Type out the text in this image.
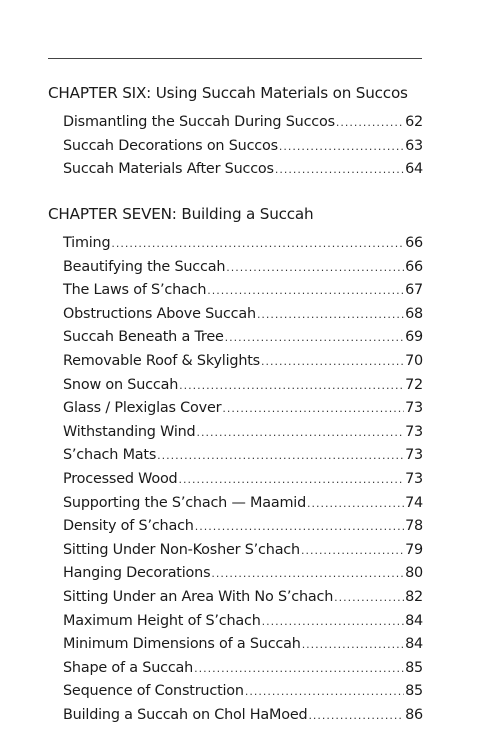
CHAPTER SIX: Using Succah Materials on Succos
Dismantling the Succah During Succos .....	62
Succah Decorations on Succos .....	63
Succah Materials After Succos .....	64
CHAPTER SEVEN: Building a Succah
Timing .....	66
Beautifying the Succah .....	66
The Laws of S’chach .....	67
Obstructions Above Succah .....	68
Succah Beneath a Tree .....	69
Removable Roof & Skylights .....	70
Snow on Succah .....	72
Glass / Plexiglas Cover .....	73
Withstanding Wind .....	73
S’chach Mats .....	73
Processed Wood .....	73
Supporting the S’chach — Maamid .....	74
Density of S’chach .....	78
Sitting Under Non-Kosher S’chach .....	79
Hanging Decorations .....	80
Sitting Under an Area With No S’chach .....	82
Maximum Height of S’chach .....	84
Minimum Dimensions of a Succah .....	84
Shape of a Succah .....	85
Sequence of Construction .....	85
Building a Succah on Chol HaMoed .....	86
